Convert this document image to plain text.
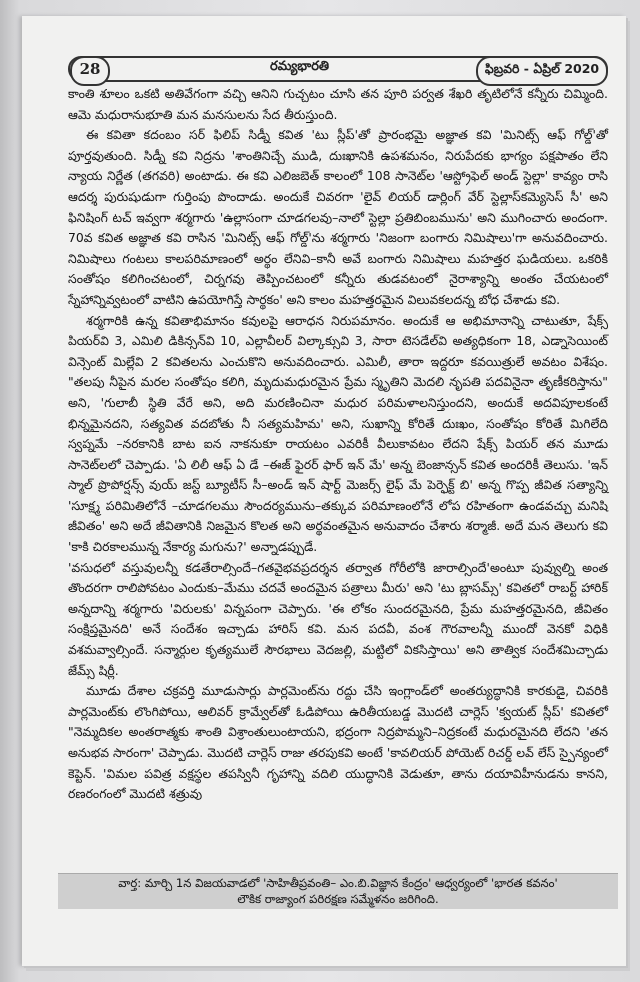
28	రమ్యభారతి	ఫిబ్రవరి - ఏప్రిల్ 2020

కాంతి శూలం ఒకటి అతివేగంగా వచ్చి ఆనిని గుచ్చటం చూసి తన పూరి పర్వత శేఖరి తృటిలోనే కన్నీరు చిమ్మింది. ఆమె మధురానుభూతి మన మనసులను సేద తీరుస్తుంది.

ఈ కవితా కదంబం సర్ ఫిలిప్ సిడ్నీ కవిత 'టు స్లీప్'తో ప్రారంభమై అజ్ఞాత కవి 'మినిట్స్ ఆఫ్ గోల్డ్'తో పూర్తవుతుంది. సిడ్నీ కవి నిద్రను 'శాంతినిచ్చే ముడి, దుఃఖానికి ఉపశమనం, నిరుపేదకు భాగ్యం పక్షపాతం లేని న్యాయ నిర్ణేత (తగవరి) అంటాడు. ఈ కవి ఎలిజబెత్ కాలంలో 108 సానెట్‌ల 'ఆస్ట్రోఫెల్ అండ్ స్టెల్లా' కావ్యం రాసి ఆదర్శ పురుషుడుగా గుర్తింపు పొందాడు. అందుకే చివరగా 'లైవ్ లియర్ డార్లింగ్ వేర్ స్టెల్లాస్‌కమ్యెసెస్ సీ' అని ఫినిషింగ్ టచ్ ఇవ్వగా శర్మగారు 'ఉల్లాసంగా చూడగలవు–నాలో స్టెల్లా ప్రతిబింబమును' అని ముగించారు అందంగా. 70వ కవిత అజ్ఞాత కవి రాసిన 'మినిట్స్ ఆఫ్ గోల్డ్'ను శర్మగారు 'నిజంగా బంగారు నిమిషాలు'గా అనువదించారు. నిమిషాలు గంటలు కాలపరిమాణంలో అర్థం లేనివి–కానీ అవే బంగారు నిమిషాలు మహత్తర ఘడియలు. ఒకరికి సంతోషం కలిగించటంలో, చిర్నగవు తెప్పించటంలో కన్నీరు తుడవటంలో నైరాశ్యాన్ని అంతం చేయటంలో స్నేహాన్నివ్వటంలో వాటిని ఉపయోగిస్తే సార్థకం' అని కాలం మహత్తరమైన విలువకలదన్న బోధ చేశాడు కవి.

శర్మగారికి ఉన్న కవితాభిమానం కవులపై ఆరాధన నిరుపమానం. అందుకే ఆ అభిమానాన్ని చాటుతూ, షేక్స్ పియర్‌వి 3, ఎమిలి డికిన్సన్‌వి 10, ఎల్లావీలర్ విల్కాక్సువి 3, సారా టెసడేల్‌వి అత్యధికంగా 18, ఎడ్నాసెయింట్ విన్సెంట్ మిల్లేవి 2 కవితలను ఎంచుకొని అనువదించారు. ఎమిలీ, తారా ఇద్దరూ కవయిత్రులే అవటం విశేషం. "తలపు నీపైన మరల సంతోషం కలిగి, మృదుమధురమైన ప్రేమ స్మృతిని మెదలి నృపతి పదవినైనా తృణీకరిస్తాను" అని, 'గులాబీ స్థితి వేరే అని, అది మరణించినా మధుర పరిమళాలనిస్తుందని, అందుకే అదవిపూలకంటే భిన్నమైనదని, సత్యవిత వదబోతు నీ సత్యమహిమ' అని, సుఖాన్ని కోరితే దుఃఖం, సంతోషం కోరితే మిగిలేది స్వప్నమే –నరకానికి బాట ఐన నాకనుకూ రాయటం ఎవరికీ వీలుకావటం లేదని షేక్స్ పియర్ తన మూడు సానెట్‌లలో చెప్పాడు. 'ఏ లిలీ ఆఫ్ ఏ డే –ఈజ్ ఫైరర్ ఫార్ ఇన్ మే' అన్న బెంజాన్సన్ కవిత అందరికీ తెలుసు. 'ఇన్ స్మాల్ ప్రొపోర్షన్స్ వుయ్ జస్ట్ బ్యూటీస్ సీ–అండ్ ఇన్ షార్ట్ మెజర్స్ లైఫ్ మే పెర్ఫెక్ట్ బి' అన్న గొప్ప జీవిత సత్యాన్ని 'సూక్ష్మ పరిమితిలోనే –చూడగలము సౌందర్యమును–తక్కువ పరిమాణంలోనే లోప రహితంగా ఉండవచ్చు మనిషి జీవితం' అని అదే జీవితానికి నిజమైన కొలత అని అర్థవంతమైన అనువాదం చేశారు శర్మాజీ. అదే మన తెలుగు కవి 'కాకి చిరకాలమున్న నేకార్య మగును?' అన్నాడప్పుడే.

'వసుధలో వస్తువులన్నీ కడతేరాల్సిందే–గతవైభవప్రదర్శన తర్వాత గోరీలోకి జారాల్సిందే'అంటూ పువ్వుల్ని అంత తొందరగా రాలిపోవటం ఎందుకు–మేము చదవే అందమైన పత్రాలు మీరు' అని 'టు బ్లాసమ్స్' కవితలో రాబర్ట్ హారిక్ అన్నదాన్ని శర్మగారు 'విరులకు' విన్నపంగా చెప్పారు. 'ఈ లోకం సుందరమైనది, ప్రేమ మహత్తరమైనది, జీవితం సంక్షిప్తమైనది' అనే సందేశం ఇచ్చాడు హారిస్ కవి. మన పదవీ, వంశ గౌరవాలన్నీ ముందో వెనకో విధికి వశమవ్వాల్సిందే. సన్మార్గుల కృత్యములే సౌరభాలు వెదజల్లి, మట్టిలో వికసిస్తాయి' అని తాత్విక సందేశమిచ్చాడు జేమ్స్ షిర్లీ.

మూడు దేశాల చక్రవర్తి మూడుసార్లు పార్లమెంట్‌ను రద్దు చేసి ఇంగ్లాండ్‌లో అంతర్యుద్ధానికి కారకుడై, చివరికి పార్లమెంట్‌కు లొంగిపోయి, ఆలివర్ క్రామ్వేల్‌తో ఓడిపోయి ఉరితీయబడ్డ మొదటి చార్లెస్ 'క్వయట్ స్లీప్' కవితలో "నెమ్మదికల అంతరాత్మకు శాంతి విశ్రాంతులుంటాయని, భద్రంగా నిద్రపొమ్మని–నిద్రకంటే మధురమైనది లేదని 'తన అనుభవ సారంగా' చెప్పాడు. మొదటి చార్లెస్ రాజు తరపుకవి అంటే 'కావలియర్ పోయెట్ రిచర్డ్ లవ్ లేస్ స్పైన్యంలో కెప్టెన్. 'విమల పవిత్ర వక్షస్థల తపస్వినీ గృహాన్ని వదిలి యుద్ధానికి వెడుతూ, తాను దయావిహీనుడను కానని, రణరంగంలో మొదటి శత్రువు

వార్త: మార్చి 1న విజయవాడలో 'సాహితీప్రవంతి– ఎం.బి.విజ్ఞాన కేంద్రం' ఆధ్వర్యంలో 'భారత కవనం'
లౌకిక రాజ్యాంగ పరిరక్షణ సమ్మేళనం జరిగింది.
